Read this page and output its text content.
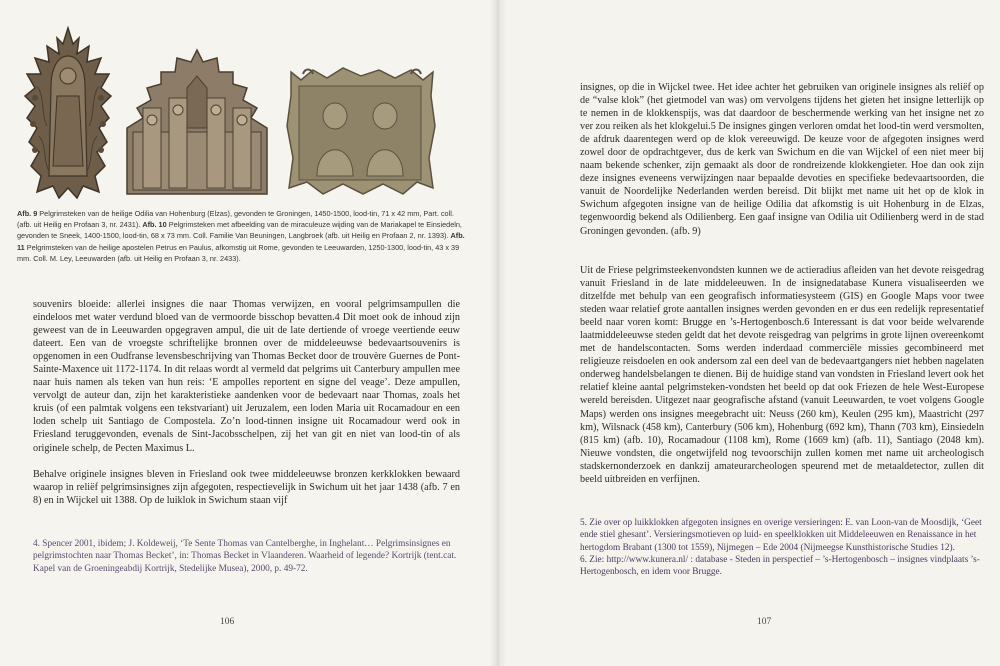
Afb. 9 Pelgrimsteken van de heilige Odilia van Hohenburg (Elzas), gevonden te Groningen, 1450-1500, lood-tin, 71 x 42 mm, Part. coll. (afb. uit Heilig en Profaan 3, nr. 2431). Afb. 10 Pelgrimsteken met afbeelding van de miraculeuze wijding van de Mariakapel te Einsiedeln, gevonden te Sneek, 1400-1500, lood-tin, 68 x 73 mm. Coll. Familie Van Beuningen, Langbroek (afb. uit Heilig en Profaan 2, nr. 1393). Afb. 11 Pelgrimsteken van de heilige apostelen Petrus en Paulus, afkomstig uit Rome, gevonden te Leeuwarden, 1250-1300, lood-tin, 43 x 39 mm. Coll. M. Ley, Leeuwarden (afb. uit Heilig en Profaan 3, nr. 2433).

souvenirs bloeide: allerlei insignes die naar Thomas verwijzen, en vooral pelgrimsampullen die eindeloos met water verdund bloed van de vermoorde bisschop bevatten.4 Dit moet ook de inhoud zijn geweest van de in Leeuwarden opgegraven ampul, die uit de late dertiende of vroege veertiende eeuw dateert. Een van de vroegste schriftelijke bronnen over de middeleeuwse bedevaartsouvenirs is opgenomen in een Oudfranse levensbeschrijving van Thomas Becket door de trouvère Guernes de Pont-Sainte-Maxence uit 1172-1174. In dit relaas wordt al vermeld dat pelgrims uit Canterbury ampullen mee naar huis namen als teken van hun reis: ‘E ampolles reportent en signe del veage’. Deze ampullen, vervolgt de auteur dan, zijn het karakteristieke aandenken voor de bedevaart naar Thomas, zoals het kruis (of een palmtak volgens een tekstvariant) uit Jeruzalem, een loden Maria uit Rocamadour en een loden schelp uit Santiago de Compostela. Zo’n lood-tinnen insigne uit Rocamadour werd ook in Friesland teruggevonden, evenals de Sint-Jacobsschelpen, zij het van git en niet van lood-tin of als originele schelp, de Pecten Maximus L.

Behalve originele insignes bleven in Friesland ook twee middeleeuwse bronzen kerkklokken bewaard waarop in reliëf pelgrimsinsignes zijn afgegoten, respectievelijk in Swichum uit het jaar 1438 (afb. 7 en 8) en in Wijckel uit 1388. Op de luiklok in Swichum staan vijf

4. Spencer 2001, ibidem; J. Koldeweij, ‘Te Sente Thomas van Cantelberghe, in Inghelant… Pelgrimsinsignes en pelgrimstochten naar Thomas Becket’, in: Thomas Becket in Vlaanderen. Waarheid of legende? Kortrijk (tent.cat. Kapel van de Groeningeabdij Kortrijk, Stedelijke Musea), 2000, p. 49-72.

106

insignes, op die in Wijckel twee. Het idee achter het gebruiken van originele insignes als reliëf op de “valse klok” (het gietmodel van was) om vervolgens tijdens het gieten het insigne letterlijk op te nemen in de klokkenspijs, was dat daardoor de beschermende werking van het insigne net zo ver zou reiken als het klokgelui.5 De insignes gingen verloren omdat het lood-tin werd versmolten, de afdruk daarentegen werd op de klok vereeuwigd. De keuze voor de afgegoten insignes werd zowel door de opdrachtgever, dus de kerk van Swichum en die van Wijckel of een niet meer bij naam bekende schenker, zijn gemaakt als door de rondreizende klokkengieter. Hoe dan ook zijn deze insignes eveneens verwijzingen naar bepaalde devoties en specifieke bedevaartsoorden, die vanuit de Noordelijke Nederlanden werden bereisd. Dit blijkt met name uit het op de klok in Swichum afgegoten insigne van de heilige Odilia dat afkomstig is uit Hohenburg in de Elzas, tegenwoordig bekend als Odilienberg. Een gaaf insigne van Odilia uit Odilienberg werd in de stad Groningen gevonden. (afb. 9)

Uit de Friese pelgrimsteekenvondsten kunnen we de actieradius afleiden van het devote reisgedrag vanuit Friesland in de late middeleeuwen. In de insignedatabase Kunera visualiseerden we ditzelfde met behulp van een geografisch informatiesysteem (GIS) en Google Maps voor twee steden waar relatief grote aantallen insignes werden gevonden en er dus een redelijk representatief beeld naar voren komt: Brugge en ’s-Hertogenbosch.6 Interessant is dat voor beide welvarende laatmiddeleeuwse steden geldt dat het devote reisgedrag van pelgrims in grote lijnen overeenkomt met de handelscontacten. Soms werden inderdaad commerciële missies gecombineerd met religieuze reisdoelen en ook andersom zal een deel van de bedevaartgangers niet hebben nagelaten onderweg handelsbelangen te dienen. Bij de huidige stand van vondsten in Friesland levert ook het relatief kleine aantal pelgrimsteken-vondsten het beeld op dat ook Friezen de hele West-Europese wereld bereisden. Uitgezet naar geografische afstand (vanuit Leeuwarden, te voet volgens Google Maps) werden ons insignes meegebracht uit: Neuss (260 km), Keulen (295 km), Maastricht (297 km), Wilsnack (458 km), Canterbury (506 km), Hohenburg (692 km), Thann (703 km), Einsiedeln (815 km) (afb. 10), Rocamadour (1108 km), Rome (1669 km) (afb. 11), Santiago (2048 km). Nieuwe vondsten, die ongetwijfeld nog tevoorschijn zullen komen met name uit archeologisch stadskernonderzoek en dankzij amateurarcheologen speurend met de metaaldetector, zullen dit beeld uitbreiden en verfijnen.

5. Zie over op luikklokken afgegoten insignes en overige versieringen: E. van Loon-van de Moosdijk, ‘Geet ende stiel ghesant’. Versieringsmotieven op luid- en speelklokken uit Middeleeuwen en Renaissance in het hertogdom Brabant (1300 tot 1559), Nijmegen – Ede 2004 (Nijmeegse Kunsthistorische Studies 12).

6. Zie: http://www.kunera.nl/ : database - Steden in perspectief – ’s-Hertogenbosch – insignes vindplaats ’s-Hertogenbosch, en idem voor Brugge.

107
